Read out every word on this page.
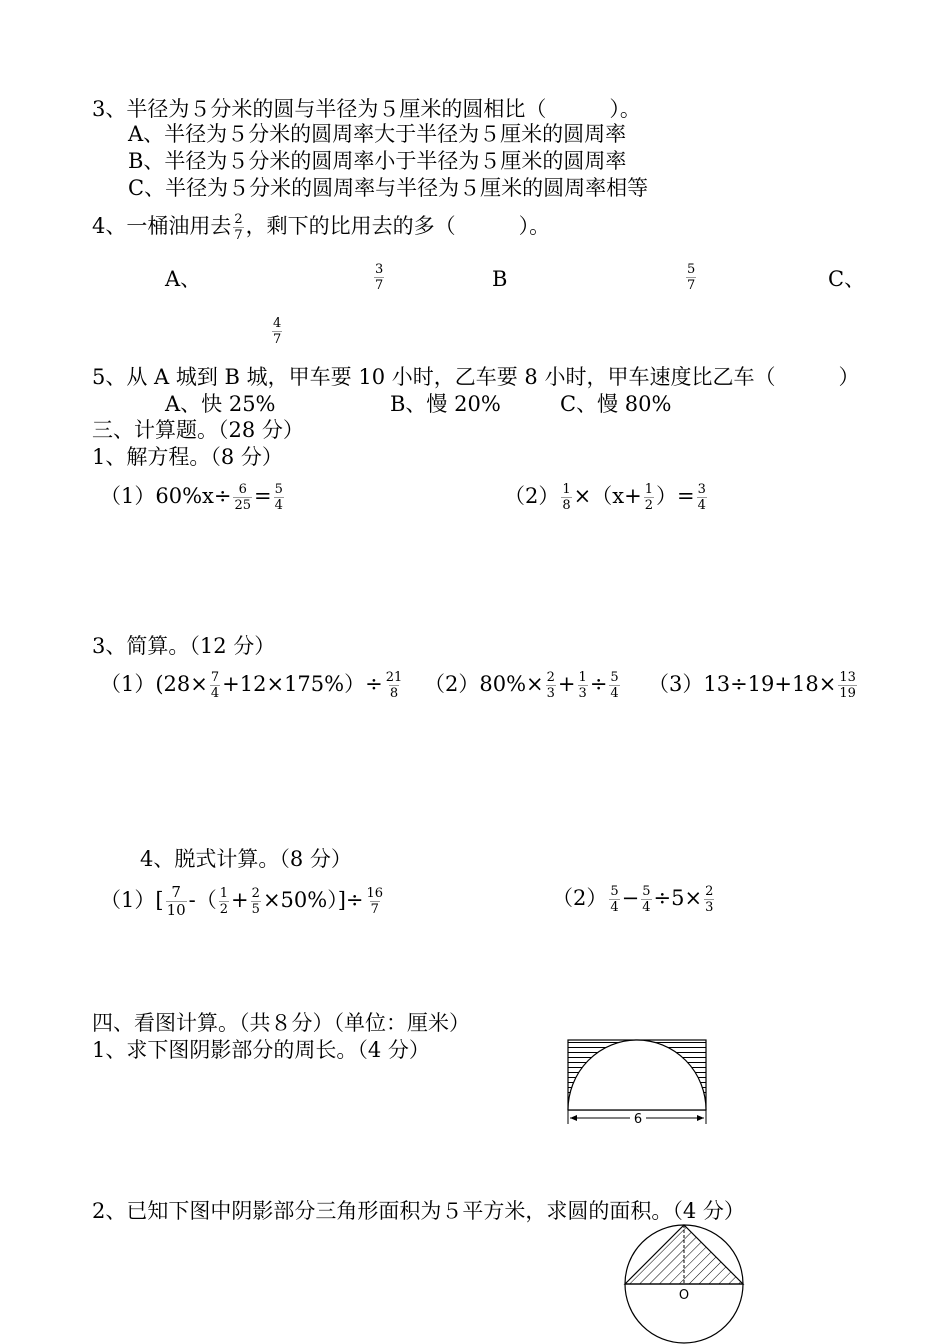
3、半径为５分米的圆与半径为５厘米的圆相比（　　　）。
A、半径为５分米的圆周率大于半径为５厘米的圆周率
B、半径为５分米的圆周率小于半径为５厘米的圆周率
C、半径为５分米的圆周率与半径为５厘米的圆周率相等
4、一桶油用去 $\frac{2}{7}$ ，剩下的比用去的多（　　　）。
A、	$\frac{3}{7}$	B	$\frac{5}{7}$	C、
$\frac{4}{7}$
5、从 A 城到 B 城，甲车要 10 小时，乙车要 8 小时，甲车速度比乙车（　　　）
A、快 25%	B、慢 20%	C、慢 80%
三、计算题。（28 分）
1、解方程。（8 分）
$(1)60\%x\div \frac{6}{25} = \frac{5}{4}$	$(2) \frac{1}{8} \times(x+ \frac{1}{2}$ ）= $\frac{3}{4}$
3、简算。（12 分）
$(1)(28\times \frac{7}{4} +12\times 175\%)\div \frac{21}{8} (2)80\%\times \frac{2}{3} + \frac{1}{3} \div \frac{5}{4} (3)13\div 19+18\times \frac{13}{19}$
4、脱式计算。（8 分）
$(1)[ \frac{7}{10}$ -（ $\frac{1}{2} + \frac{2}{5} \times 50\%)]\div \frac{16}{7}$	$(2) \frac{5}{4} - \frac{5}{4} \div 5\times \frac{2}{3}$
四、看图计算。（共８分）（单位：厘米）
1、求下图阴影部分的周长。（4 分）
6
2、已知下图中阴影部分三角形面积为５平方米，求圆的面积。（4 分）
O
